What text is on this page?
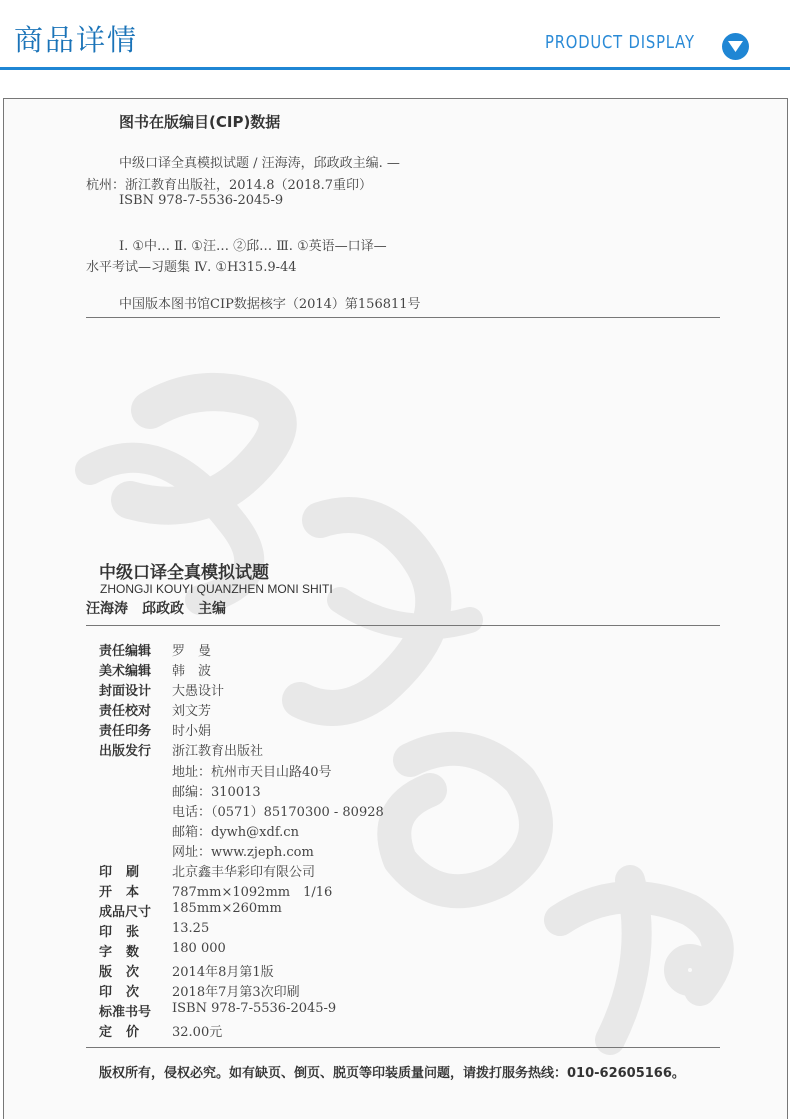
商品详情	PRODUCT DISPLAY
图书在版编目(CIP)数据
中级口译全真模拟试题 / 汪海涛，邱政政主编. —
杭州：浙江教育出版社，2014.8（2018.7重印）
ISBN 978-7-5536-2045-9
Ⅰ. ①中… Ⅱ. ①汪… ②邱… Ⅲ. ①英语—口译—
水平考试—习题集 Ⅳ. ①H315.9-44
中国版本图书馆CIP数据核字（2014）第156811号
中级口译全真模拟试题
ZHONGJI KOUYI QUANZHEN MONI SHITI
汪海涛　邱政政　主编
责任编辑	罗　曼
美术编辑	韩　波
封面设计	大愚设计
责任校对	刘文芳
责任印务	时小娟
出版发行	浙江教育出版社
地址：杭州市天目山路40号
邮编：310013
电话：（0571）85170300 - 80928
邮箱：dywh@xdf.cn
网址：www.zjeph.com
印刷	北京鑫丰华彩印有限公司
开本	787mm×1092mm　1/16
成品尺寸	185mm×260mm
印张	13.25
字数	180 000
版次	2014年8月第1版
印次	2018年7月第3次印刷
标准书号	ISBN 978-7-5536-2045-9
定价	32.00元
版权所有，侵权必究。如有缺页、倒页、脱页等印装质量问题，请拨打服务热线：010-62605166。
